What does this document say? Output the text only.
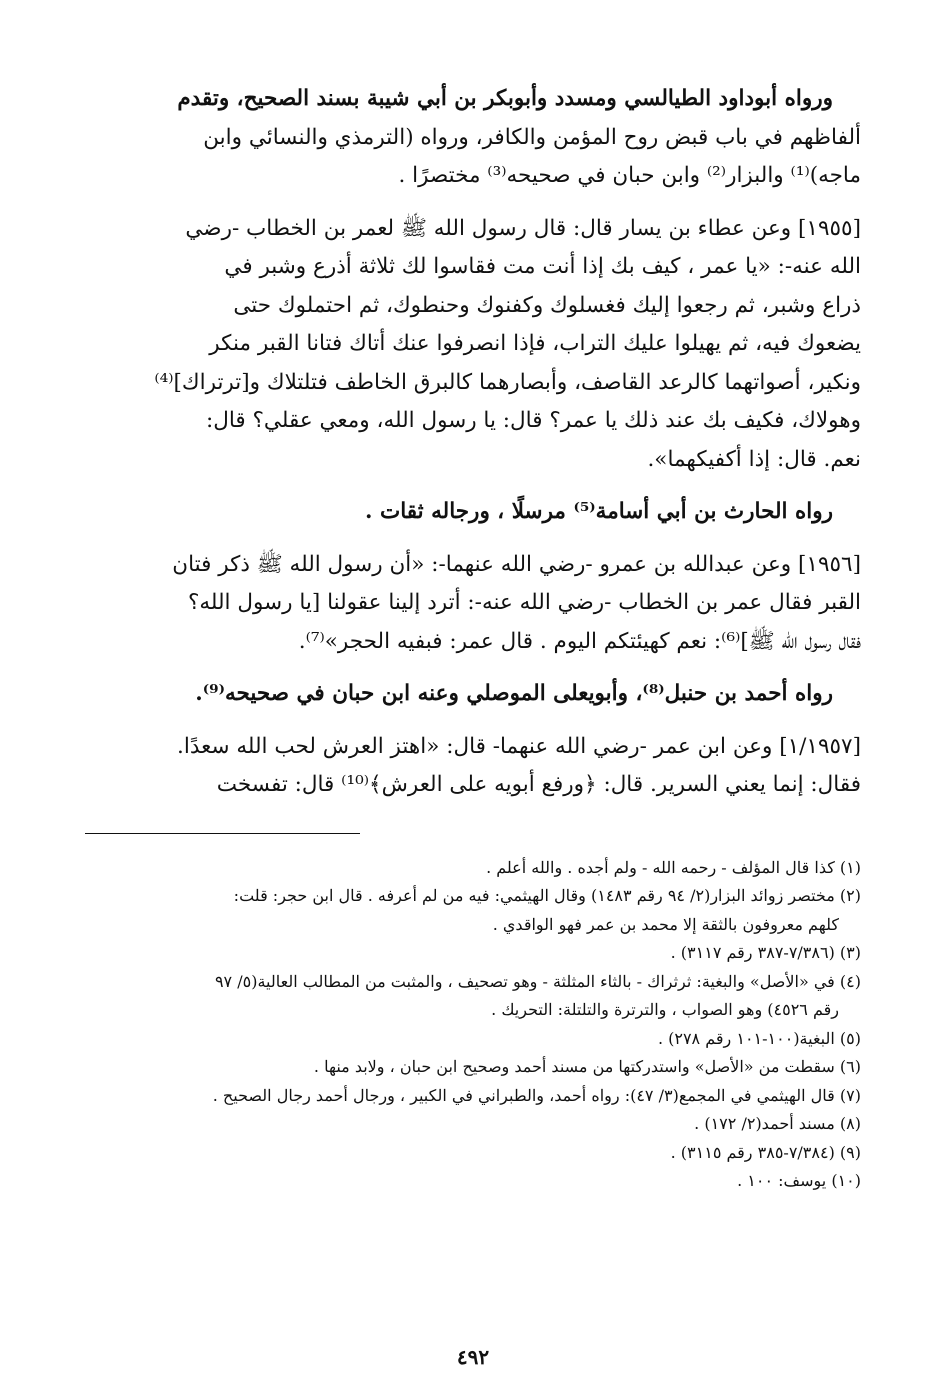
ورواه أبوداود الطيالسي ومسدد وأبوبكر بن أبي شيبة بسند الصحيح، وتقدم

ألفاظهم في باب قبض روح المؤمن والكافر، ورواه (الترمذي والنسائي وابن

ماجه)⁽¹⁾ والبزار⁽²⁾ وابن حبان في صحيحه⁽³⁾ مختصرًا .

[١٩٥٥] وعن عطاء بن يسار قال: قال رسول الله ﷺ لعمر بن الخطاب -رضي

الله عنه-: «يا عمر ، كيف بك إذا أنت مت فقاسوا لك ثلاثة أذرع وشبر في

ذراع وشبر، ثم رجعوا إليك فغسلوك وكفنوك وحنطوك، ثم احتملوك حتى

يضعوك فيه، ثم يهيلوا عليك التراب، فإذا انصرفوا عنك أتاك فتانا القبر منكر

ونكير، أصواتهما كالرعد القاصف، وأبصارهما كالبرق الخاطف فتلتلاك و[ترتراك]⁽⁴⁾

وهولاك، فكيف بك عند ذلك يا عمر؟ قال: يا رسول الله، ومعي عقلي؟ قال:

نعم. قال: إذا أكفيكهما».

رواه الحارث بن أبي أسامة⁽⁵⁾ مرسلًا ، ورجاله ثقات .

[١٩٥٦] وعن عبدالله بن عمرو -رضي الله عنهما-: «أن رسول الله ﷺ ذكر فتان

القبر فقال عمر بن الخطاب -رضي الله عنه-: أترد إلينا عقولنا [يا رسول الله؟

فقال رسول الله ﷺ]⁽⁶⁾: نعم كهيئتكم اليوم . قال عمر: فبفيه الحجر»⁽⁷⁾.

رواه أحمد بن حنبل⁽⁸⁾، وأبويعلى الموصلي وعنه ابن حبان في صحيحه⁽⁹⁾.

[١/١٩٥٧] وعن ابن عمر -رضي الله عنهما- قال: «اهتز العرش لحب الله سعدًا.

فقال: إنما يعني السرير. قال: ﴿ورفع أبويه على العرش﴾⁽¹⁰⁾ قال: تفسخت

(١) كذا قال المؤلف - رحمه الله - ولم أجده . والله أعلم .

(٢) مختصر زوائد البزار(٢/ ٩٤ رقم ١٤٨٣) وقال الهيثمي: فيه من لم أعرفه . قال ابن حجر: قلت:

كلهم معروفون بالثقة إلا محمد بن عمر فهو الواقدي .

(٣) (٧/٣٨٦-٣٨٧ رقم ٣١١٧) .

(٤) في «الأصل» والبغية: ثرثراك - بالثاء المثلثة - وهو تصحيف ، والمثبت من المطالب العالية(٥/ ٩٧

رقم ٤٥٢٦) وهو الصواب ، والترترة والتلتلة: التحريك .

(٥) البغية(١٠٠-١٠١ رقم ٢٧٨) .

(٦) سقطت من «الأصل» واستدركتها من مسند أحمد وصحيح ابن حبان ، ولابد منها .

(٧) قال الهيثمي في المجمع(٣/ ٤٧): رواه أحمد، والطبراني في الكبير ، ورجال أحمد رجال الصحيح .

(٨) مسند أحمد(٢/ ١٧٢) .

(٩) (٧/٣٨٤-٣٨٥ رقم ٣١١٥) .

(١٠) يوسف: ١٠٠ .

٤٩٢
